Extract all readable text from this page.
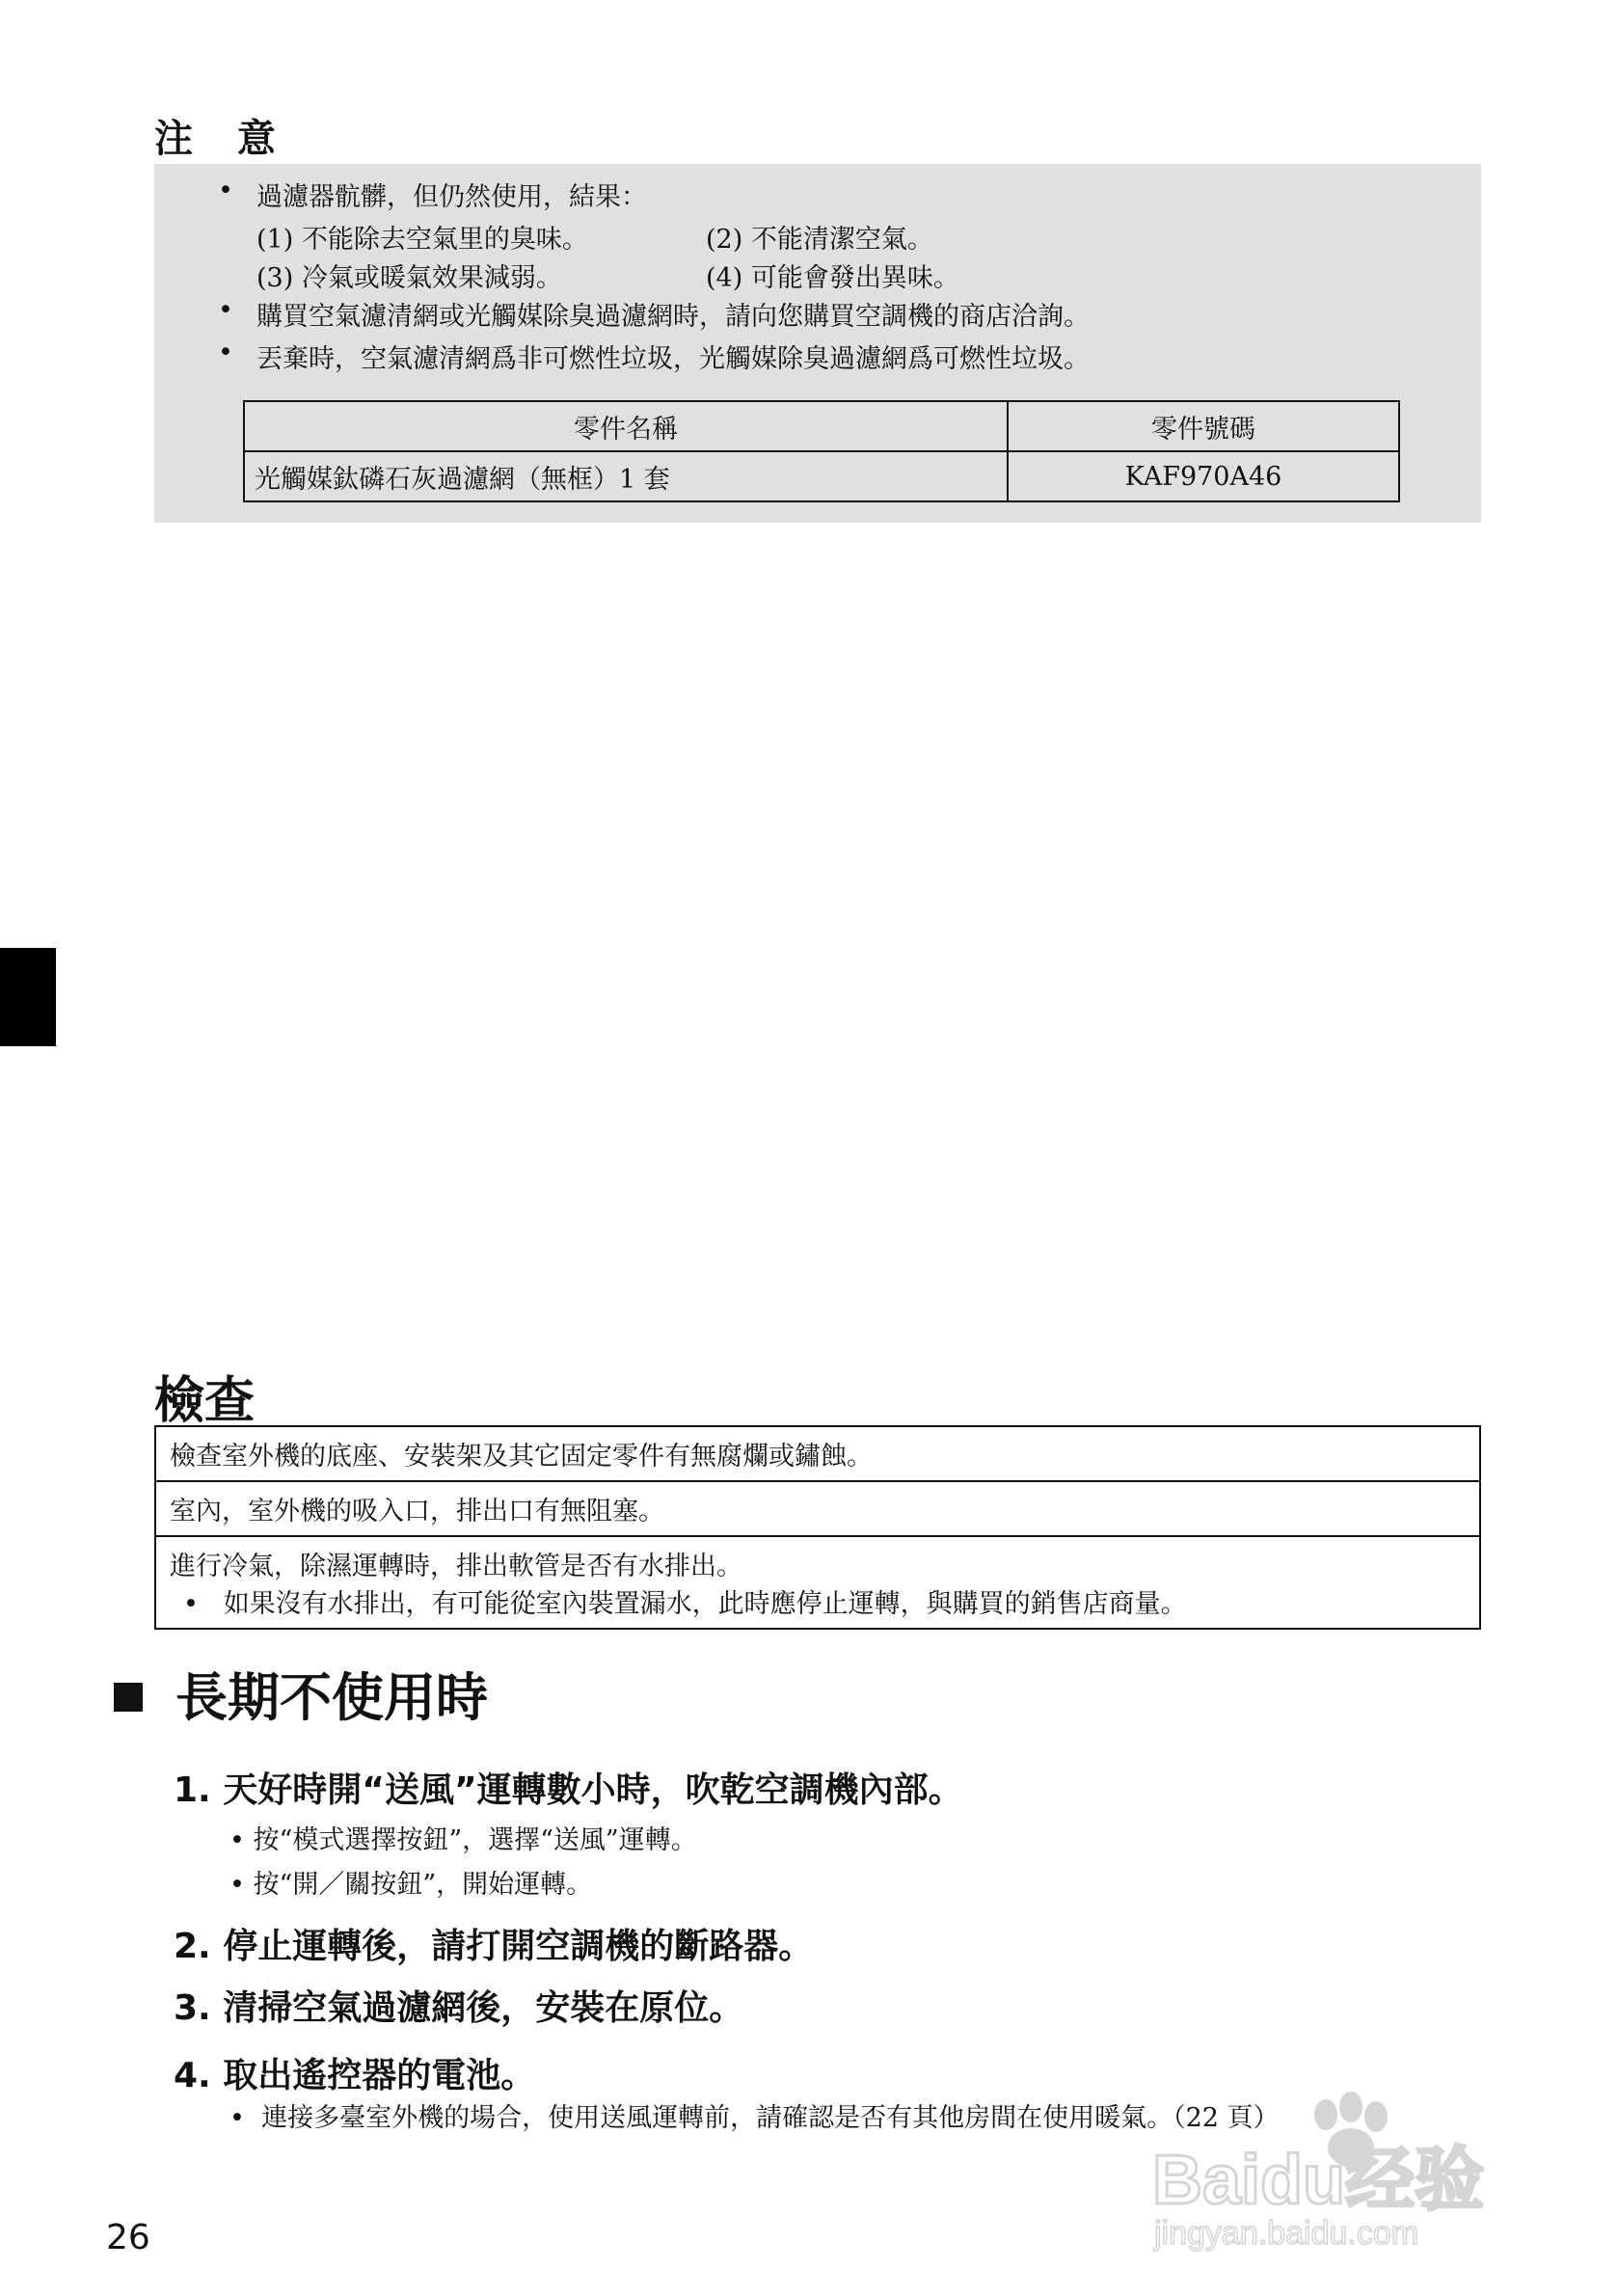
注 意
• 過濾器骯髒，但仍然使用，結果：
(1) 不能除去空氣里的臭味。	(2) 不能清潔空氣。
(3) 冷氣或暖氣效果減弱。	(4) 可能會發出異味。
• 購買空氣濾清網或光觸媒除臭過濾網時，請向您購買空調機的商店洽詢。
• 丟棄時，空氣濾清網爲非可燃性垃圾，光觸媒除臭過濾網爲可燃性垃圾。
零件名稱	零件號碼
光觸媒鈦磷石灰過濾網（無框）1 套	KAF970A46
檢查
檢查室外機的底座、安裝架及其它固定零件有無腐爛或鏽蝕。
室內，室外機的吸入口，排出口有無阻塞。

進行冷氣，除濕運轉時，排出軟管是否有水排出。
•   如果沒有水排出，有可能從室內裝置漏水，此時應停止運轉，與購買的銷售店商量。
長期不使用時
1. 天好時開“送風”運轉數小時，吹乾空調機內部。
• 按“模式選擇按鈕”，選擇“送風”運轉。
• 按“開／關按鈕”，開始運轉。
2. 停止運轉後，請打開空調機的斷路器。
3. 清掃空氣過濾網後，安裝在原位。
4. 取出遙控器的電池。
•  連接多臺室外機的場合，使用送風運轉前，請確認是否有其他房間在使用暖氣。（22 頁）
26
Baidu经验
jingyan.baidu.com
